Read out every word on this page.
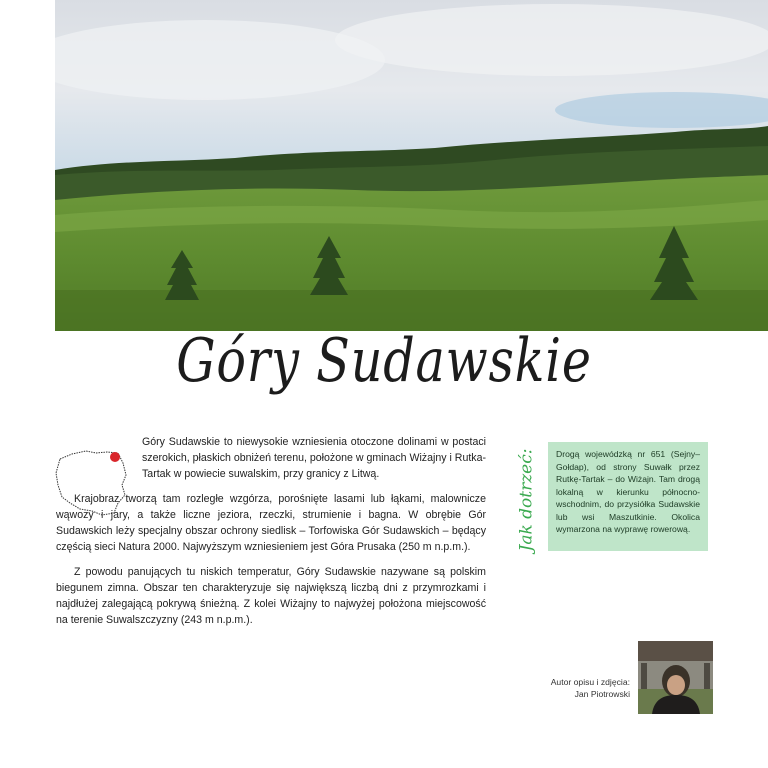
Góry Sudawskie

Góry Sudawskie to niewysokie wzniesienia otoczone dolinami w postaci szerokich, płaskich obniżeń terenu, położone w gminach Wiżajny i Rutka-Tartak w powiecie suwalskim, przy granicy z Litwą.

Krajobraz tworzą tam rozległe wzgórza, porośnięte lasami lub łąkami, malownicze wąwozy i jary, a także liczne jeziora, rzeczki, strumienie i bagna. W obrębie Gór Sudawskich leży specjalny obszar ochrony siedlisk – Torfowiska Gór Sudawskich – będący częścią sieci Natura 2000. Najwyższym wzniesieniem jest Góra Prusaka (250 m n.p.m.).

Z powodu panujących tu niskich temperatur, Góry Sudawskie nazywane są polskim biegunem zimna. Obszar ten charakteryzuje się największą liczbą dni z przymrozkami i najdłużej zalegającą pokrywą śnieżną. Z kolei Wiżajny to najwyżej położona miejscowość na terenie Suwalszczyzny (243 m n.p.m.).

Jak dotrzeć:	Drogą wojewódzką nr 651 (Sejny–Gołdap), od strony Suwałk przez Rutkę-Tartak – do Wiżajn. Tam drogą lokalną w kierunku północno-wschodnim, do przysiółka Sudawskie lub wsi Maszutkinie. Okolica wymarzona na wyprawę rowerową.
Autor opisu i zdjęcia:
Jan Piotrowski
